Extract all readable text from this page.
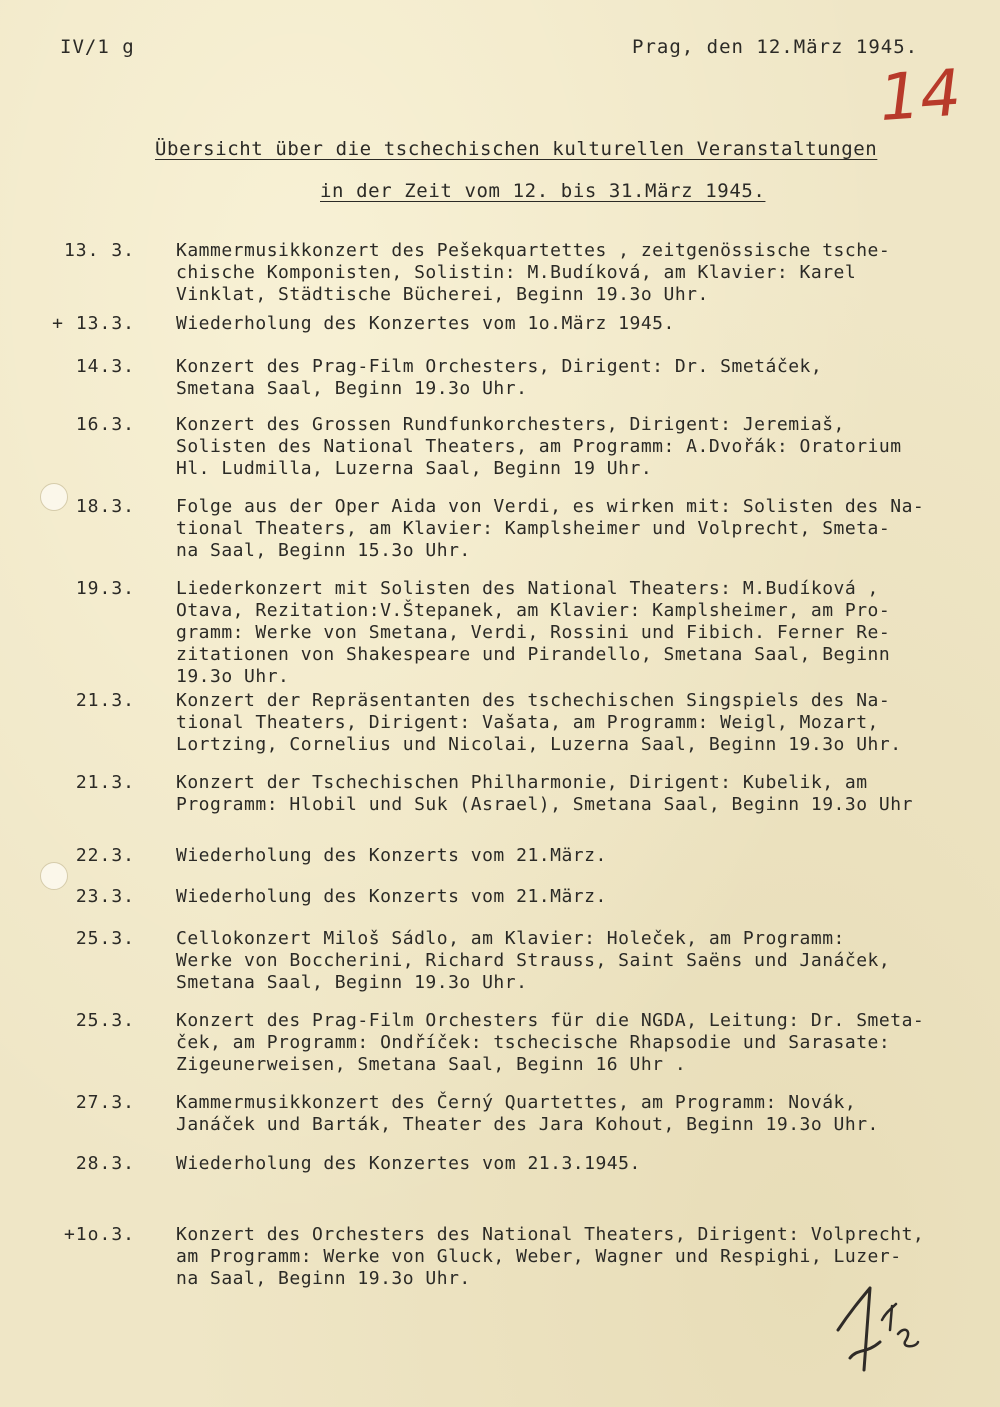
IV/1 g	Prag, den 12.März 1945.
14
Übersicht über die tschechischen kulturellen Veranstaltungen
in der Zeit vom 12. bis 31.März 1945.
13. 3. Kammermusikkonzert des Pešekquartettes , zeitgenössische tsche-
chische Komponisten, Solistin: M.Budíková, am Klavier: Karel
Vinklat, Städtische Bücherei, Beginn 19.3o Uhr.
+ 13.3. Wiederholung des Konzertes vom 1o.März 1945.
14.3. Konzert des Prag-Film Orchesters, Dirigent: Dr. Smetáček,
Smetana Saal, Beginn 19.3o Uhr.
16.3. Konzert des Grossen Rundfunkorchesters, Dirigent: Jeremiaš,
Solisten des National Theaters, am Programm: A.Dvořák: Oratorium
Hl. Ludmilla, Luzerna Saal, Beginn 19 Uhr.
18.3. Folge aus der Oper Aida von Verdi, es wirken mit: Solisten des Na-
tional Theaters, am Klavier: Kamplsheimer und Volprecht, Smeta-
na Saal, Beginn 15.3o Uhr.
19.3. Liederkonzert mit Solisten des National Theaters: M.Budíková ,
Otava, Rezitation:V.Štepanek, am Klavier: Kamplsheimer, am Pro-
gramm: Werke von Smetana, Verdi, Rossini und Fibich. Ferner Re-
zitationen von Shakespeare und Pirandello, Smetana Saal, Beginn
19.3o Uhr.
21.3. Konzert der Repräsentanten des tschechischen Singspiels des Na-
tional Theaters, Dirigent: Vašata, am Programm: Weigl, Mozart,
Lortzing, Cornelius und Nicolai, Luzerna Saal, Beginn 19.3o Uhr.
21.3. Konzert der Tschechischen Philharmonie, Dirigent: Kubelik, am
Programm: Hlobil und Suk (Asrael), Smetana Saal, Beginn 19.3o Uhr
22.3. Wiederholung des Konzerts vom 21.März.
23.3. Wiederholung des Konzerts vom 21.März.
25.3. Cellokonzert Miloš Sádlo, am Klavier: Holeček, am Programm:
Werke von Boccherini, Richard Strauss, Saint Saëns und Janáček,
Smetana Saal, Beginn 19.3o Uhr.
25.3. Konzert des Prag-Film Orchesters für die NGDA, Leitung: Dr. Smeta-
ček, am Programm: Ondříček: tschecische Rhapsodie und Sarasate:
Zigeunerweisen, Smetana Saal, Beginn 16 Uhr .
27.3. Kammermusikkonzert des Černý Quartettes, am Programm: Novák,
Janáček und Barták, Theater des Jara Kohout, Beginn 19.3o Uhr.
28.3. Wiederholung des Konzertes vom 21.3.1945.
+1o.3. Konzert des Orchesters des National Theaters, Dirigent: Volprecht,
am Programm: Werke von Gluck, Weber, Wagner und Respighi, Luzer-
na Saal, Beginn 19.3o Uhr.
